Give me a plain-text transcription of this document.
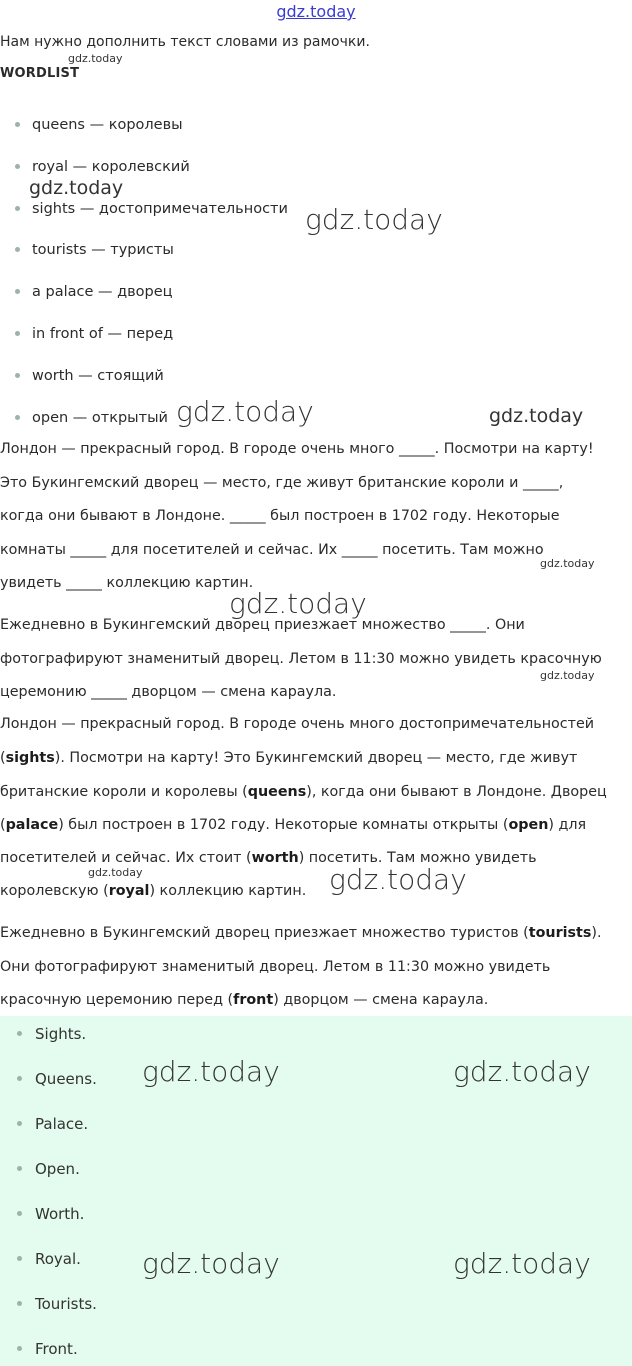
gdz.today
Нам нужно дополнить текст словами из рамочки.
WORDLIST
queens — королевы
royal — королевский
sights — достопримечательности
tourists — туристы
a palace — дворец
in front of — перед
worth — стоящий
open — открытый
Лондон — прекрасный город. В городе очень много _____. Посмотри на карту!
Это Букингемский дворец — место, где живут британские короли и _____,
когда они бывают в Лондоне. _____ был построен в 1702 году. Некоторые
комнаты _____ для посетителей и сейчас. Их _____ посетить. Там можно
увидеть _____ коллекцию картин.
Ежедневно в Букингемский дворец приезжает множество _____. Они
фотографируют знаменитый дворец. Летом в 11:30 можно увидеть красочную
церемонию _____ дворцом — смена караула.
Лондон — прекрасный город. В городе очень много достопримечательностей
(sights). Посмотри на карту! Это Букингемский дворец — место, где живут
британские короли и королевы (queens), когда они бывают в Лондоне. Дворец
(palace) был построен в 1702 году. Некоторые комнаты открыты (open) для
посетителей и сейчас. Их стоит (worth) посетить. Там можно увидеть
королевскую (royal) коллекцию картин.
Ежедневно в Букингемский дворец приезжает множество туристов (tourists).
Они фотографируют знаменитый дворец. Летом в 11:30 можно увидеть
красочную церемонию перед (front) дворцом — смена караула.
Sights.
Queens.
Palace.
Open.
Worth.
Royal.
Tourists.
Front.
gdz.today
gdz.today
gdz.today
gdz.today	gdz.today
gdz.today
gdz.today
gdz.today
gdz.today	gdz.today
gdz.today	gdz.today
gdz.today	gdz.today
